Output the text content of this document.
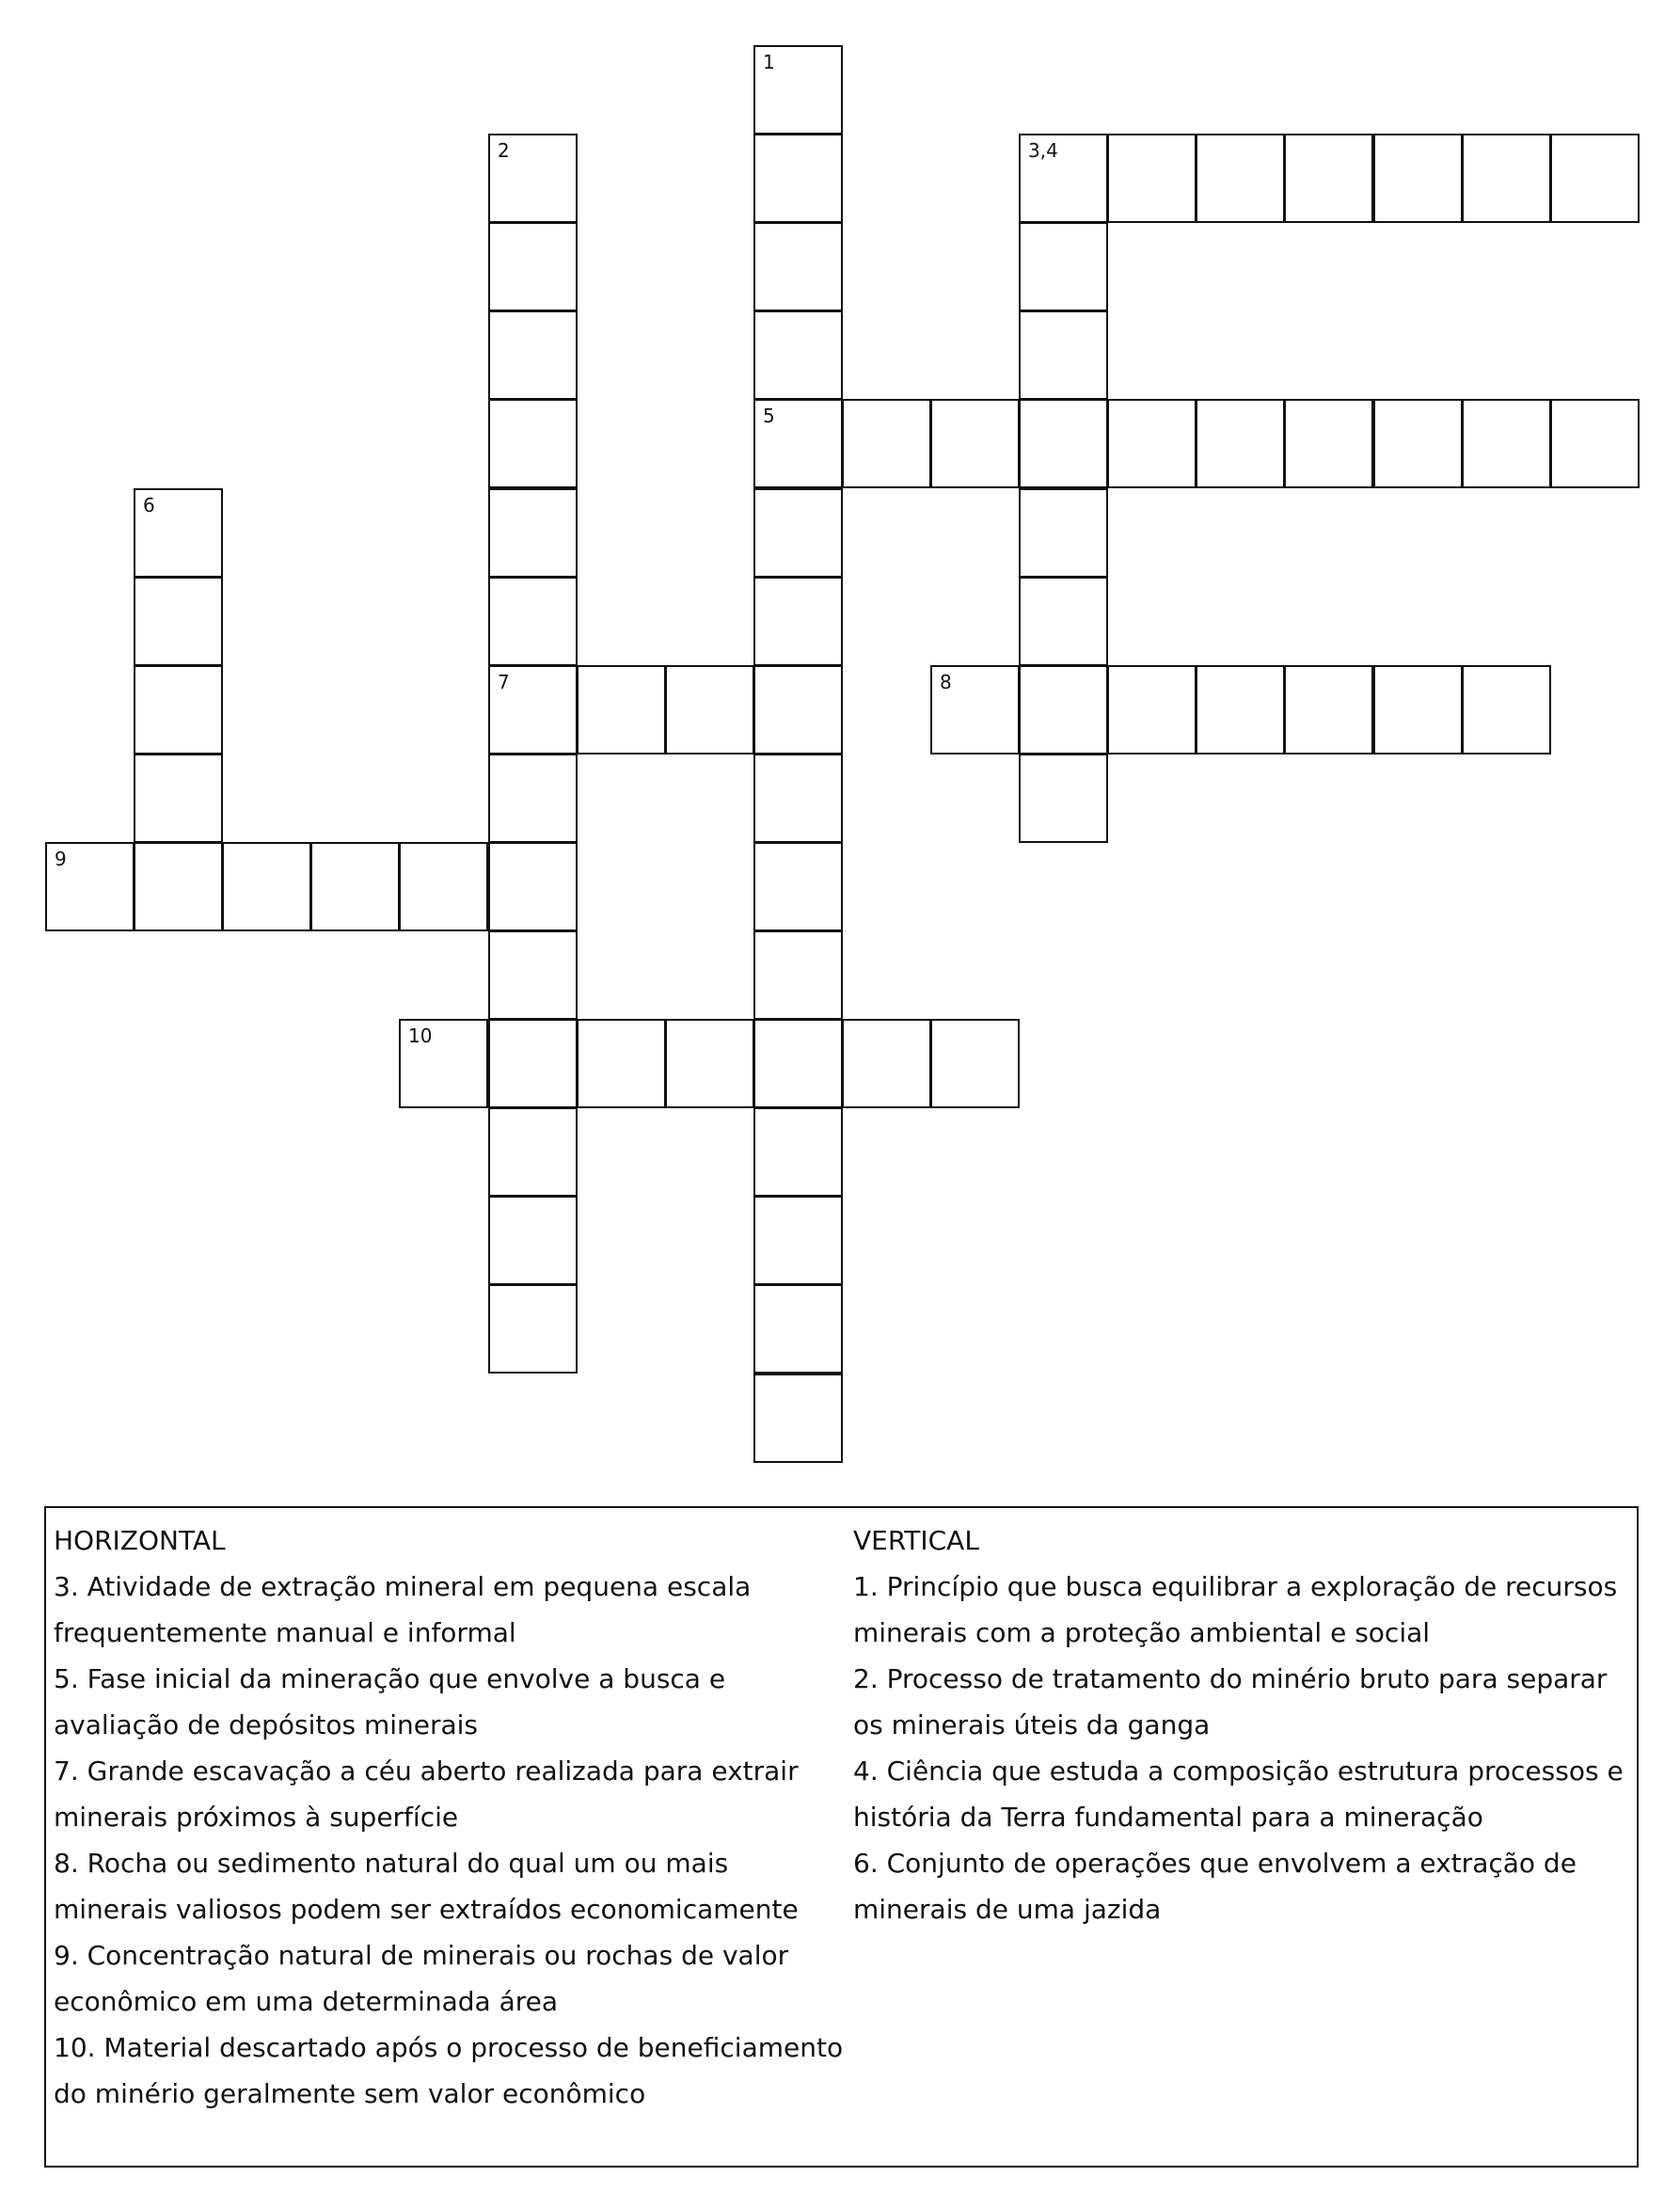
1
2	3,4
5
6
7	8
9
10

HORIZONTAL

3. Atividade de extração mineral em pequena escala frequentemente manual e informal

5. Fase inicial da mineração que envolve a busca e avaliação de depósitos minerais

7. Grande escavação a céu aberto realizada para extrair minerais próximos à superfície

8. Rocha ou sedimento natural do qual um ou mais minerais valiosos podem ser extraídos economicamente

9. Concentração natural de minerais ou rochas de valor econômico em uma determinada área

10. Material descartado após o processo de beneficiamento do minério geralmente sem valor econômico

VERTICAL

1. Princípio que busca equilibrar a exploração de recursos minerais com a proteção ambiental e social

2. Processo de tratamento do minério bruto para separar os minerais úteis da ganga

4. Ciência que estuda a composição estrutura processos e história da Terra fundamental para a mineração

6. Conjunto de operações que envolvem a extração de minerais de uma jazida
